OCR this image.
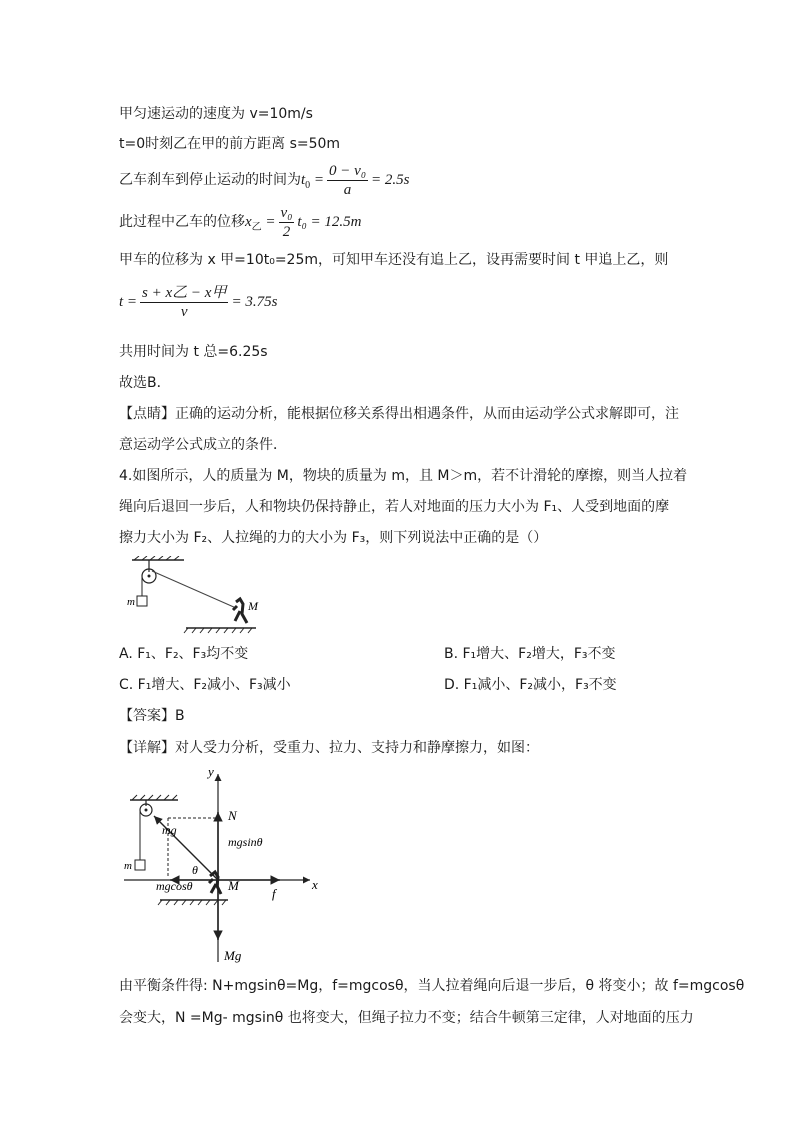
甲匀速运动的速度为 v=10m/s
t=0时刻乙在甲的前方距离 s=50m
乙车刹车到停止运动的时间为$t_0 = \frac{\text{0 − v₀}}{a} = 2.5s$
此过程中乙车的位移$x_乙 = \frac{\text{v₀}}{2} t_0 = 12.5m$
甲车的位移为 x 甲=10t₀=25m，可知甲车还没有追上乙，设再需要时间 t 甲追上乙，则
$t = \frac{\text{s + x乙 − x甲}}{v} = 3.75s$
共用时间为 t 总=6.25s
故选B．
【点睛】正确的运动分析，能根据位移关系得出相遇条件，从而由运动学公式求解即可，注
意运动学公式成立的条件．
4.如图所示，人的质量为 M，物块的质量为 m，且 M＞m，若不计滑轮的摩擦，则当人拉着
绳向后退回一步后，人和物块仍保持静止，若人对地面的压力大小为 F₁、人受到地面的摩
擦力大小为 F₂、人拉绳的力的大小为 F₃，则下列说法中正确的是（）
m	M
A. F₁、F₂、F₃均不变	B. F₁增大、F₂增大，F₃不变
C. F₁增大、F₂减小、F₃减小	D. F₁减小、F₂减小，F₃不变
【答案】B
【详解】对人受力分析，受重力、拉力、支持力和静摩擦力，如图：
y
x
N
mg
mgsinθ
θ
mgcosθ	M
f
Mg
m
由平衡条件得: N+mgsinθ=Mg，f=mgcosθ，当人拉着绳向后退一步后，θ 将变小；故 f=mgcosθ
会变大，N =Mg- mgsinθ 也将变大，但绳子拉力不变；结合牛顿第三定律，人对地面的压力
